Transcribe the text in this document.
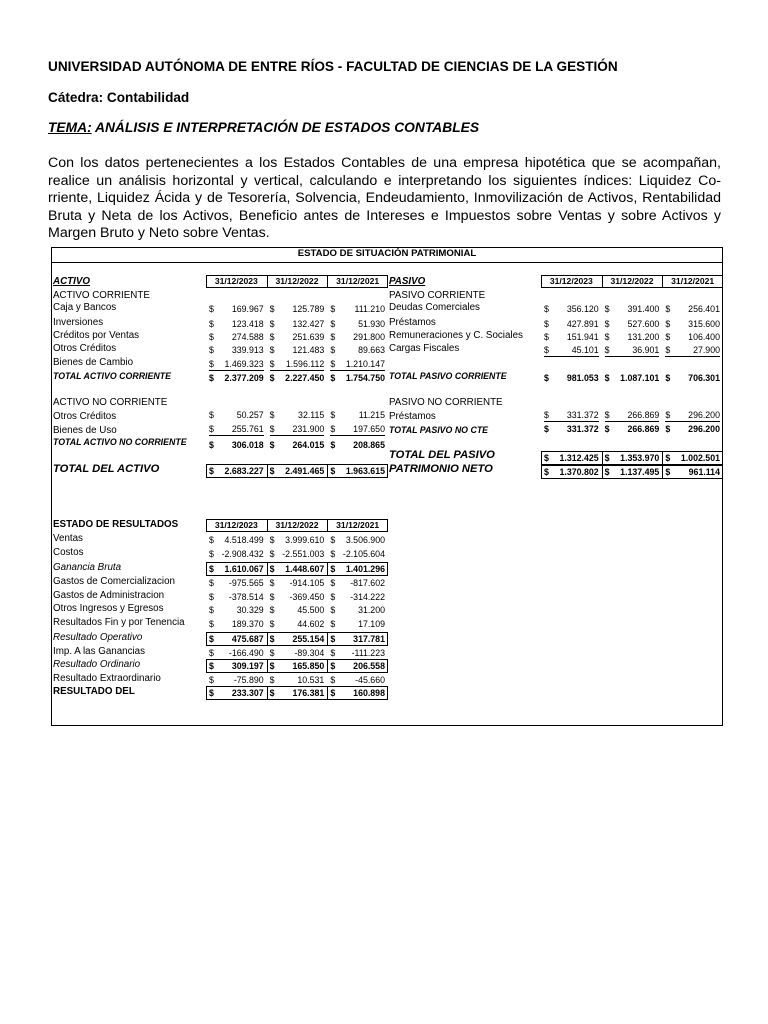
UNIVERSIDAD AUTÓNOMA DE ENTRE RÍOS - FACULTAD DE CIENCIAS DE LA GESTIÓN
Cátedra: Contabilidad
TEMA: ANÁLISIS E INTERPRETACIÓN DE ESTADOS CONTABLES
Con los datos pertenecientes a los Estados Contables de una empresa hipotética que se acompañan, realice un análisis horizontal y vertical, calculando e interpretando los siguientes índices: Liquidez Co-rriente, Liquidez Ácida y de Tesorería, Solvencia, Endeudamiento, Inmovilización de Activos, Rentabilidad Bruta y Neta de los Activos, Beneficio antes de Intereses e Impuestos sobre Ventas y sobre Activos y Margen Bruto y Neto sobre Ventas.
ESTADO DE SITUACIÓN PATRIMONIAL
31/12/2023	31/12/2022	31/12/2021
ACTIVO
ACTIVO CORRIENTE
Caja y Bancos	$ 169.967 $ 125.789 $ 111.210
Inversiones	$ 123.418 $ 132.427 $	51.930
Créditos por Ventas	$ 274.588 $ 251.639 $ 291.800
Otros Créditos	$ 339.913 $ 121.483 $	89.663
Bienes de Cambio	$ 1.469.323 $ 1.596.112 $ 1.210.147
TOTAL ACTIVO CORRIENTE	$ 2.377.209 $ 2.227.450 $ 1.754.750
ACTIVO NO CORRIENTE
Otros Créditos	$	50.257 $	32.115 $	11.215
Bienes de Uso	$ 255.761 $ 231.900 $ 197.650
TOTAL ACTIVO NO CORRIENTE	$ 306.018 $ 264.015 $ 208.865
TOTAL DEL ACTIVO	$ 2.683.227 $ 2.491.465 $ 1.963.615
31/12/2023	31/12/2022	31/12/2021
PASIVO
PASIVO CORRIENTE
Deudas Comerciales	$ 356.120 $ 391.400 $ 256.401
Préstamos	$ 427.891 $ 527.600 $ 315.600
Remuneraciones y C. Sociales $ 151.941 $ 131.200 $ 106.400
Cargas Fiscales	$	45.101 $	36.901 $	27.900
TOTAL PASIVO CORRIENTE	$ 981.053 $ 1.087.101 $ 706.301
PASIVO NO CORRIENTE
Préstamos	$ 331.372 $ 266.869 $ 296.200
TOTAL PASIVO NO CTE	$ 331.372 $ 266.869 $ 296.200
TOTAL DEL PASIVO	$ 1.312.425 $ 1.353.970 $ 1.002.501
PATRIMONIO NETO	$ 1.370.802 $ 1.137.495 $ 961.114
ESTADO DE RESULTADOS	31/12/2023	31/12/2022	31/12/2021
Ventas	$ 4.518.499 $ 3.999.610 $ 3.506.900
Costos	$ -2.908.432 $ -2.551.003 $ -2.105.604
Ganancia Bruta	$ 1.610.067 $ 1.448.607 $ 1.401.296
Gastos de Comercializacion	$ -975.565 $ -914.105 $ -817.602
Gastos de Administracion	$ -378.514 $ -369.450 $ -314.222
Otros Ingresos y Egresos	$	30.329 $	45.500 $	31.200
Resultados Fin y por Tenencia	$ 189.370 $	44.602 $	17.109
Resultado Operativo	$ 475.687 $ 255.154 $ 317.781
Imp. A las Ganancias	$ -166.490 $ -89.304 $ -111.223
Resultado Ordinario	$ 309.197 $ 165.850 $ 206.558
Resultado Extraordinario	$ -75.890 $	10.531 $ -45.660
RESULTADO DEL	$ 233.307 $ 176.381 $ 160.898
